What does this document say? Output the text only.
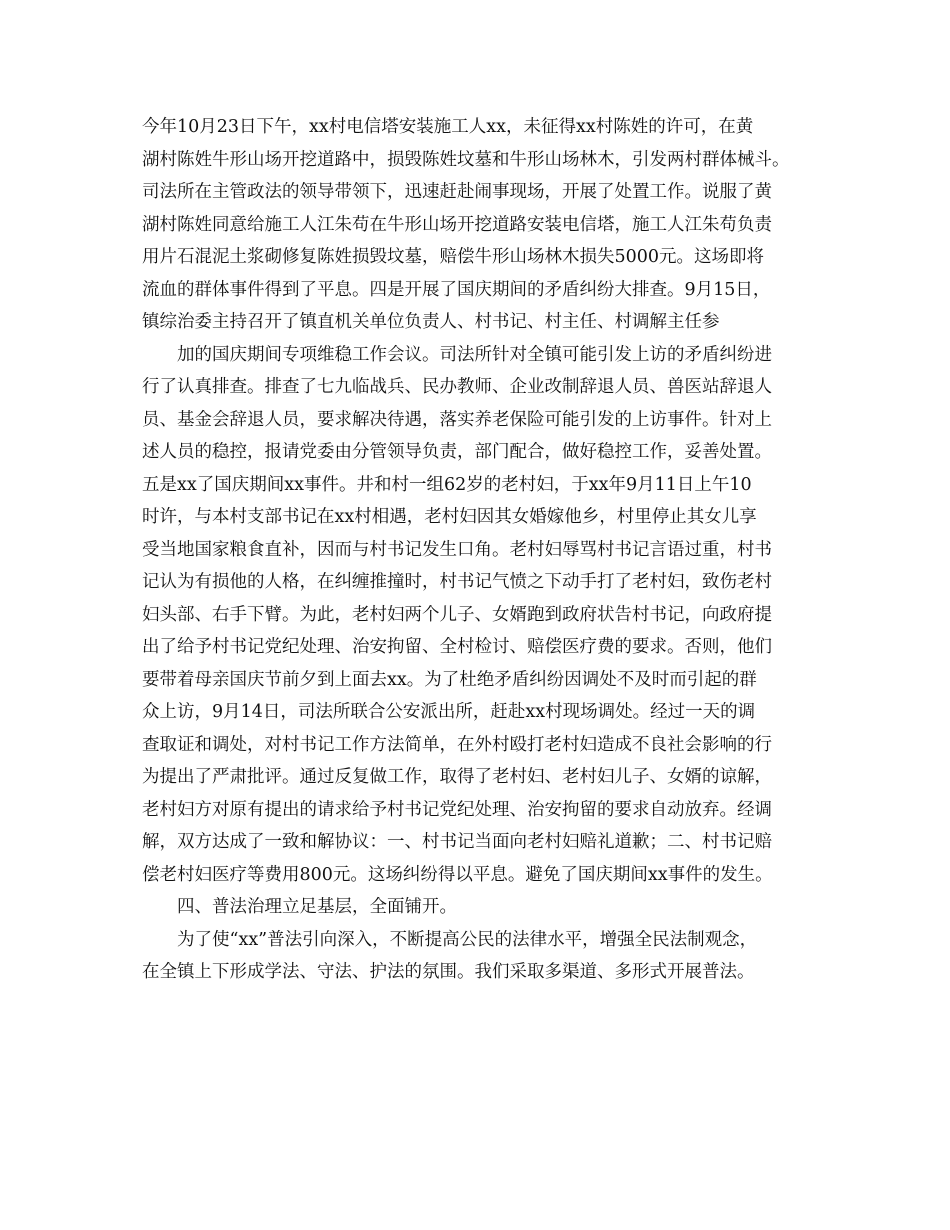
今年10月23日下午，xx村电信塔安装施工人xx，未征得xx村陈姓的许可，在黄
湖村陈姓牛形山场开挖道路中，损毁陈姓坟墓和牛形山场林木，引发两村群体械斗。
司法所在主管政法的领导带领下，迅速赶赴闹事现场，开展了处置工作。说服了黄
湖村陈姓同意给施工人江朱苟在牛形山场开挖道路安装电信塔，施工人江朱苟负责
用片石混泥土浆砌修复陈姓损毁坟墓，赔偿牛形山场林木损失5000元。这场即将
流血的群体事件得到了平息。四是开展了国庆期间的矛盾纠纷大排查。9月15日，
镇综治委主持召开了镇直机关单位负责人、村书记、村主任、村调解主任参
加的国庆期间专项维稳工作会议。司法所针对全镇可能引发上访的矛盾纠纷进
行了认真排查。排查了七九临战兵、民办教师、企业改制辞退人员、兽医站辞退人
员、基金会辞退人员，要求解决待遇，落实养老保险可能引发的上访事件。针对上
述人员的稳控，报请党委由分管领导负责，部门配合，做好稳控工作，妥善处置。
五是xx了国庆期间xx事件。井和村一组62岁的老村妇，于xx年9月11日上午10
时许，与本村支部书记在xx村相遇，老村妇因其女婚嫁他乡，村里停止其女儿享
受当地国家粮食直补，因而与村书记发生口角。老村妇辱骂村书记言语过重，村书
记认为有损他的人格，在纠缠推撞时，村书记气愤之下动手打了老村妇，致伤老村
妇头部、右手下臂。为此，老村妇两个儿子、女婿跑到政府状告村书记，向政府提
出了给予村书记党纪处理、治安拘留、全村检讨、赔偿医疗费的要求。否则，他们
要带着母亲国庆节前夕到上面去xx。为了杜绝矛盾纠纷因调处不及时而引起的群
众上访，9月14日，司法所联合公安派出所，赶赴xx村现场调处。经过一天的调
查取证和调处，对村书记工作方法简单，在外村殴打老村妇造成不良社会影响的行
为提出了严肃批评。通过反复做工作，取得了老村妇、老村妇儿子、女婿的谅解，
老村妇方对原有提出的请求给予村书记党纪处理、治安拘留的要求自动放弃。经调
解，双方达成了一致和解协议：一、村书记当面向老村妇赔礼道歉；二、村书记赔
偿老村妇医疗等费用800元。这场纠纷得以平息。避免了国庆期间xx事件的发生。
四、普法治理立足基层，全面铺开。
为了使“xx”普法引向深入，不断提高公民的法律水平，增强全民法制观念，
在全镇上下形成学法、守法、护法的氛围。我们采取多渠道、多形式开展普法。
